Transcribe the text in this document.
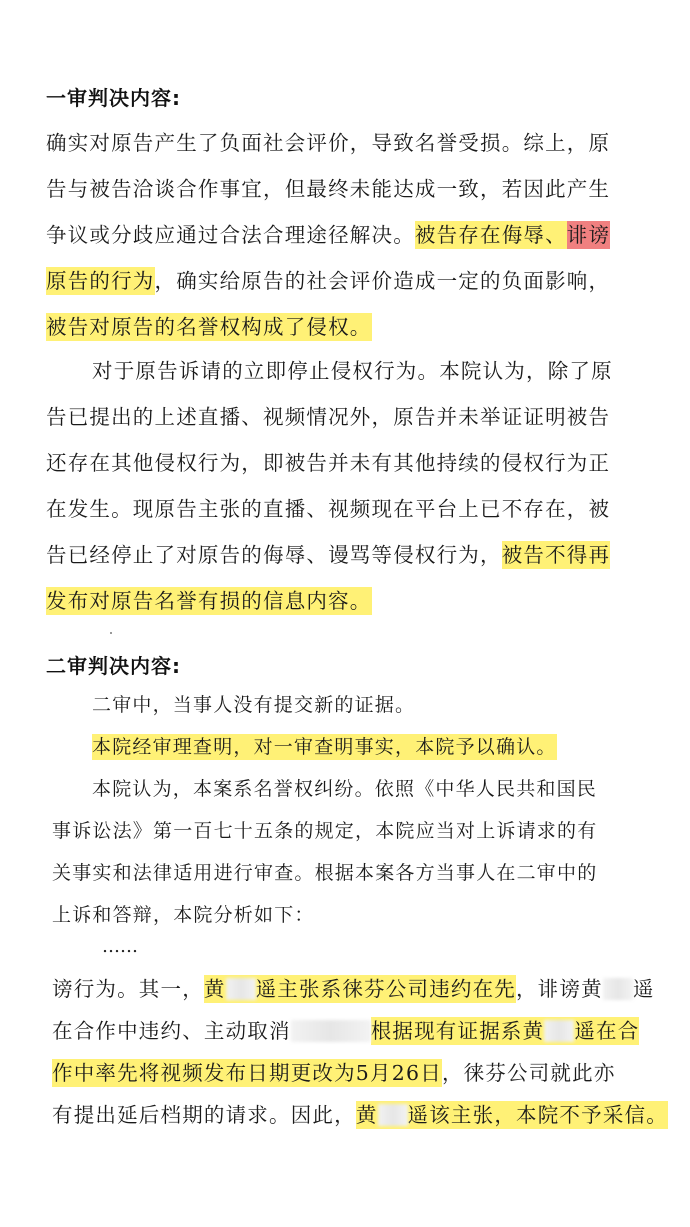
一审判决内容:
确实对原告产生了负面社会评价，导致名誉受损。综上，原
告与被告洽谈合作事宜，但最终未能达成一致，若因此产生
争议或分歧应通过合法合理途径解决。被告存在侮辱、诽谤
原告的行为，确实给原告的社会评价造成一定的负面影响，
被告对原告的名誉权构成了侵权。
对于原告诉请的立即停止侵权行为。本院认为，除了原
告已提出的上述直播、视频情况外，原告并未举证证明被告
还存在其他侵权行为，即被告并未有其他持续的侵权行为正
在发生。现原告主张的直播、视频现在平台上已不存在，被
告已经停止了对原告的侮辱、谩骂等侵权行为，被告不得再
发布对原告名誉有损的信息内容。
二审判决内容:
二审中，当事人没有提交新的证据。
本院经审理查明，对一审查明事实，本院予以确认。
本院认为，本案系名誉权纠纷。依照《中华人民共和国民
事诉讼法》第一百七十五条的规定，本院应当对上诉请求的有
关事实和法律适用进行审查。根据本案各方当事人在二审中的
上诉和答辩，本院分析如下：
……
谤行为。其一，黄 遥主张系徕芬公司违约在先，诽谤黄 遥
在合作中违约、主动取消	根据现有证据系黄 遥在合
作中率先将视频发布日期更改为5月26日，徕芬公司就此亦
有提出延后档期的请求。因此，黄 遥该主张，本院不予采信。
